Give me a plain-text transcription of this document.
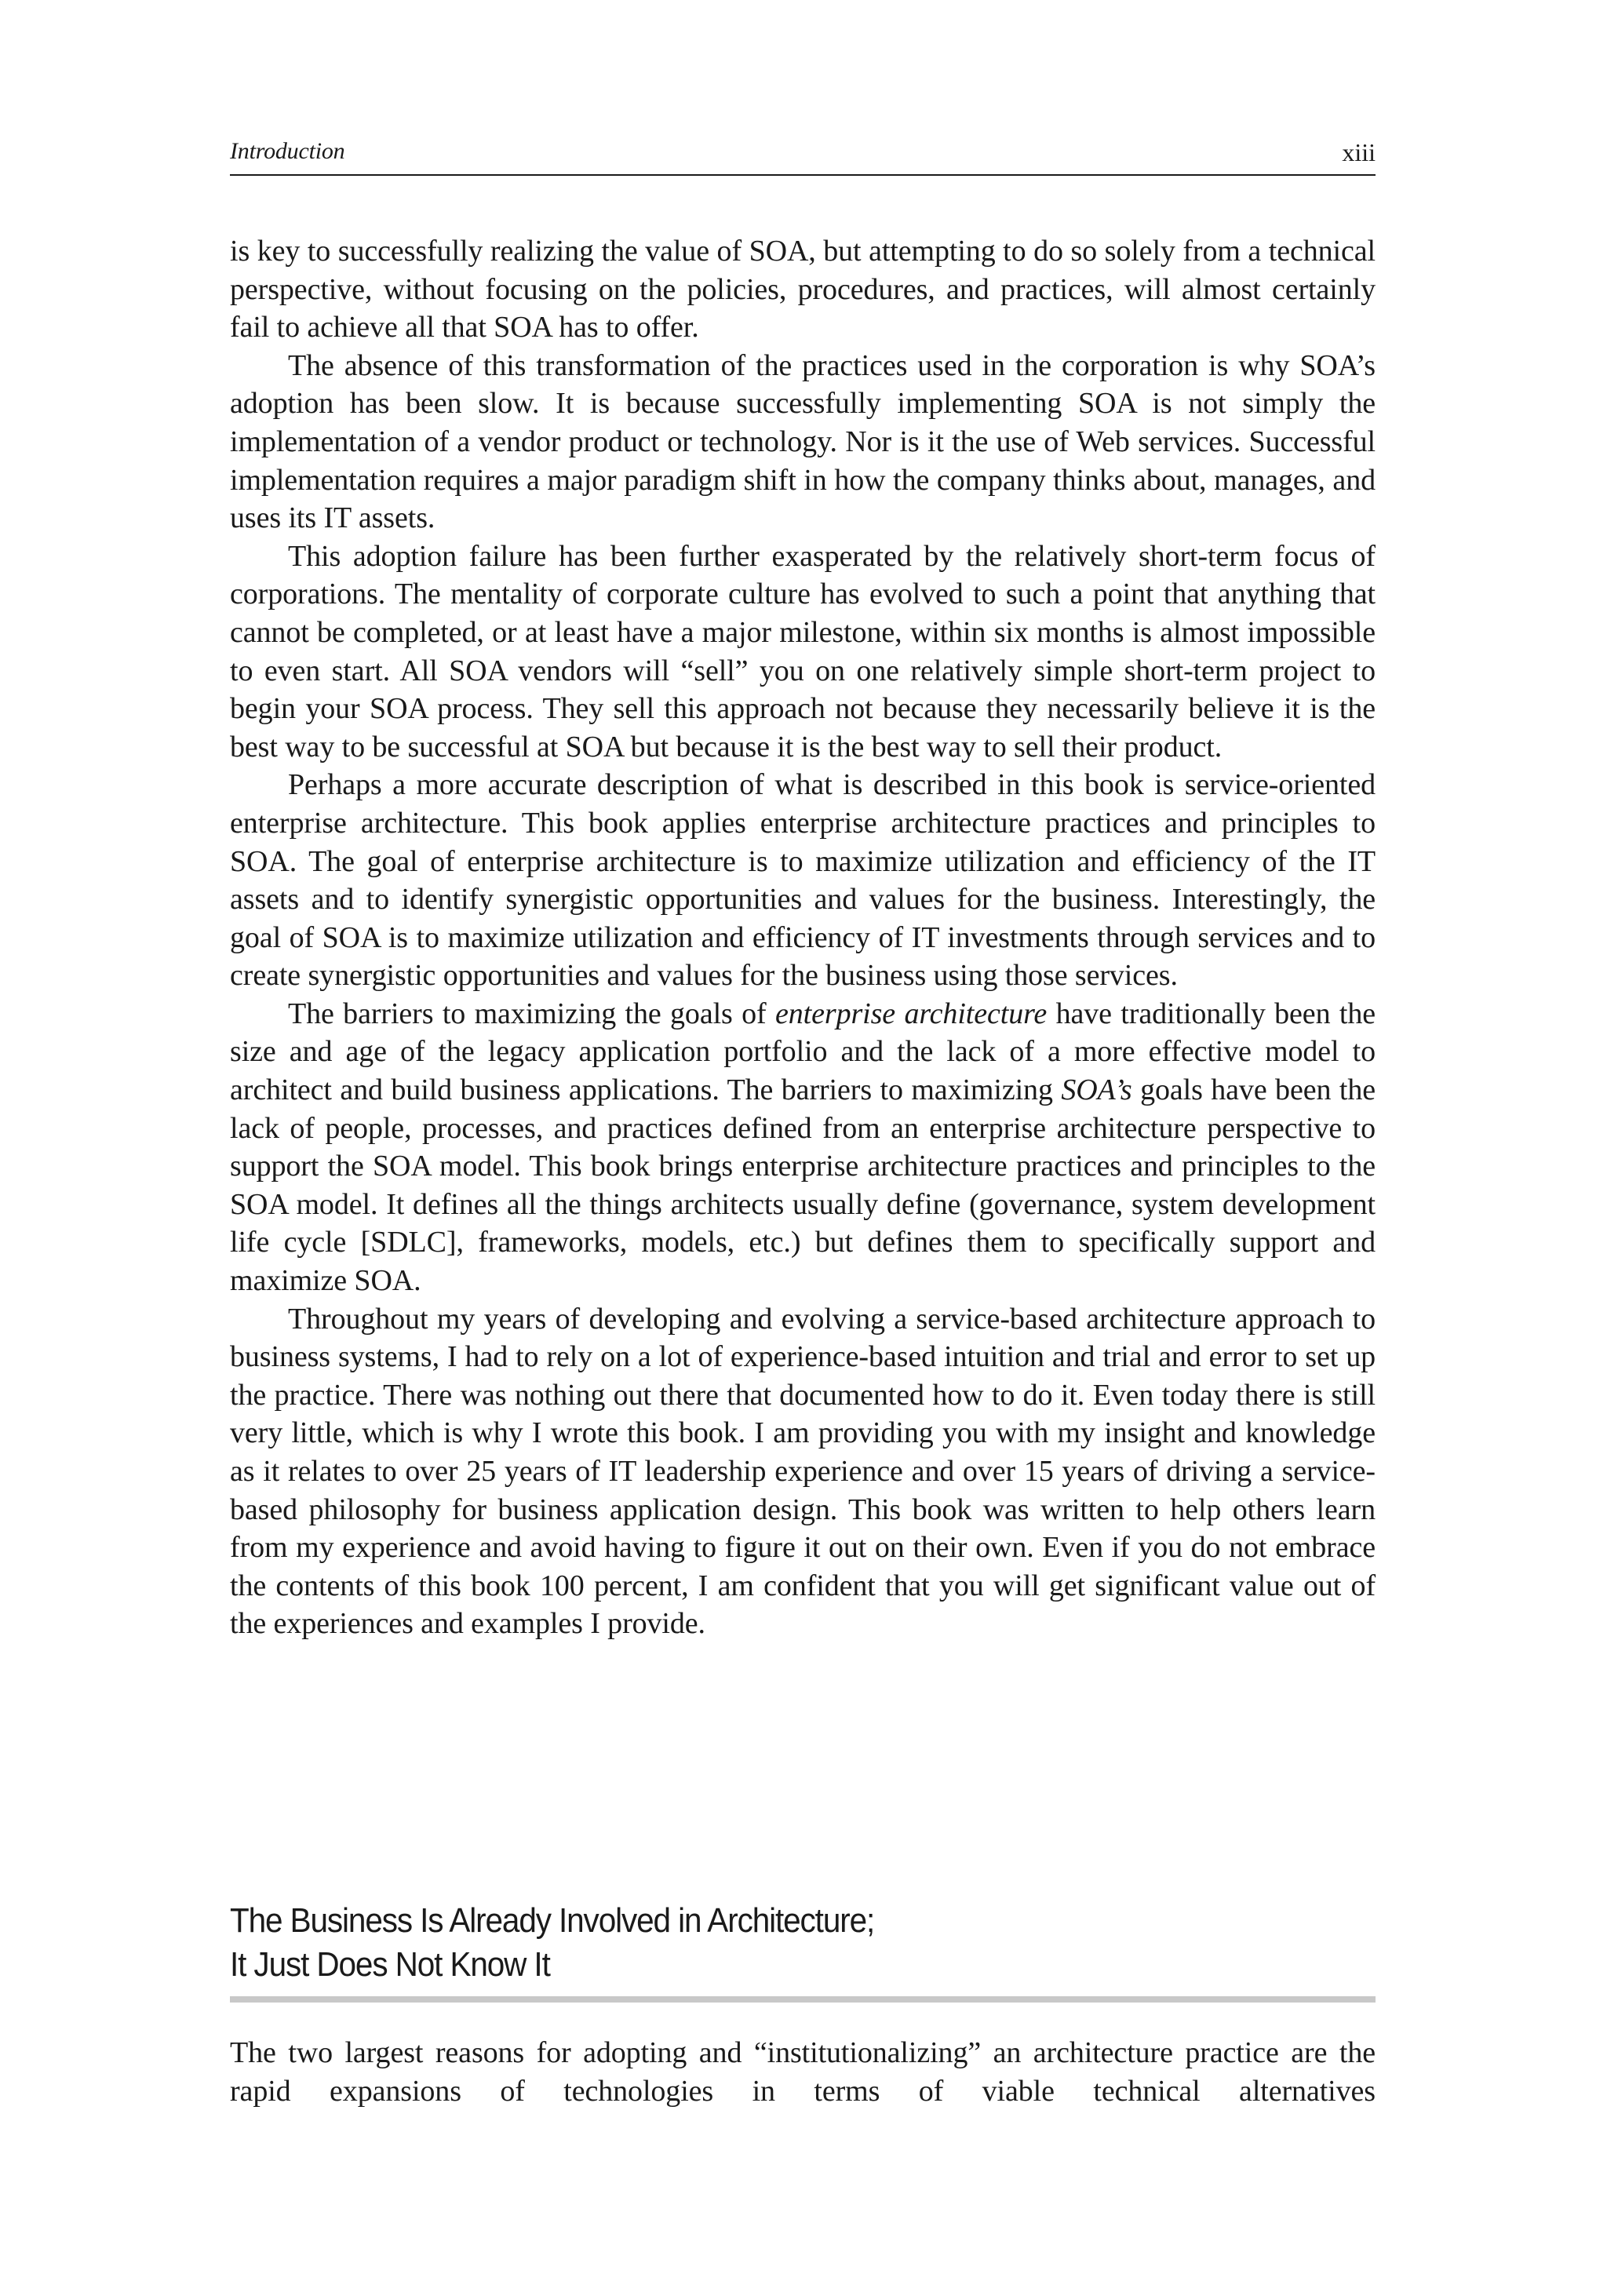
Introduction	xiii

is key to successfully realizing the value of SOA, but attempting to do so solely from a technical perspective, without focusing on the policies, procedures, and practices, will almost certainly fail to achieve all that SOA has to offer.

The absence of this transformation of the practices used in the corporation is why SOA’s adoption has been slow. It is because successfully implementing SOA is not simply the implementation of a vendor product or technology. Nor is it the use of Web services. Successful implementation requires a major paradigm shift in how the company thinks about, manages, and uses its IT assets.

This adoption failure has been further exasperated by the relatively short-term focus of corporations. The mentality of corporate culture has evolved to such a point that anything that cannot be completed, or at least have a major milestone, within six months is almost impossible to even start. All SOA vendors will “sell” you on one relatively simple short-term project to begin your SOA process. They sell this approach not because they necessarily believe it is the best way to be successful at SOA but because it is the best way to sell their product.

Perhaps a more accurate description of what is described in this book is service-oriented enterprise architecture. This book applies enterprise architecture practices and principles to SOA. The goal of enterprise architecture is to maximize utilization and efficiency of the IT assets and to identify synergistic opportunities and values for the business. Interestingly, the goal of SOA is to maximize utilization and efficiency of IT investments through services and to create synergistic opportunities and values for the business using those services.

The barriers to maximizing the goals of enterprise architecture have traditionally been the size and age of the legacy application portfolio and the lack of a more effective model to architect and build business applications. The barriers to maximizing SOA’s goals have been the lack of people, processes, and practices defined from an enterprise architecture perspective to support the SOA model. This book brings enterprise architecture practices and principles to the SOA model. It defines all the things architects usually define (governance, system development life cycle [SDLC], frameworks, models, etc.) but defines them to specifically support and maximize SOA.

Throughout my years of developing and evolving a service-based architecture approach to business systems, I had to rely on a lot of experience-based intuition and trial and error to set up the practice. There was nothing out there that documented how to do it. Even today there is still very little, which is why I wrote this book. I am providing you with my insight and knowledge as it relates to over 25 years of IT leadership experience and over 15 years of driving a service-based philosophy for business application design. This book was written to help others learn from my experience and avoid having to figure it out on their own. Even if you do not embrace the contents of this book 100 percent, I am confident that you will get significant value out of the experiences and examples I provide.

The Business Is Already Involved in Architecture;
It Just Does Not Know It

The two largest reasons for adopting and “institutionalizing” an architecture practice are the rapid expansions of technologies in terms of viable technical alternatives
